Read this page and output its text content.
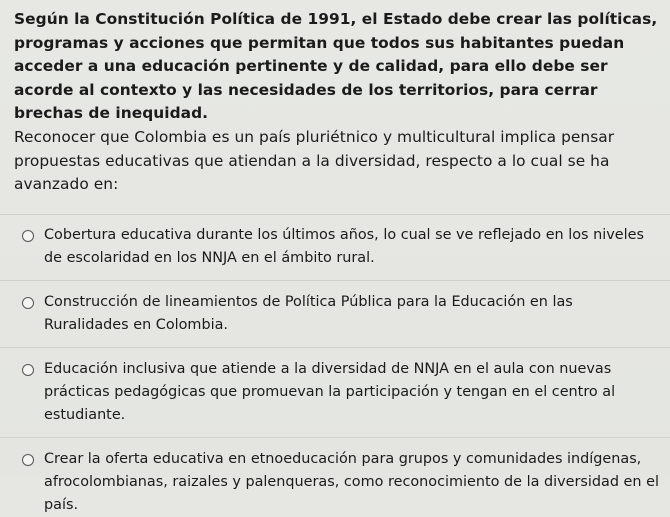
Según la Constitución Política de 1991, el Estado debe crear las políticas, programas y acciones que permitan que todos sus habitantes puedan acceder a una educación pertinente y de calidad, para ello debe ser acorde al contexto y las necesidades de los territorios, para cerrar brechas de inequidad.

Reconocer que Colombia es un país pluriétnico y multicultural implica pensar propuestas educativas que atiendan a la diversidad, respecto a lo cual se ha avanzado en:

Cobertura educativa durante los últimos años, lo cual se ve reflejado en los niveles de escolaridad en los NNJA en el ámbito rural.
Construcción de lineamientos de Política Pública para la Educación en las Ruralidades en Colombia.
Educación inclusiva que atiende a la diversidad de NNJA en el aula con nuevas prácticas pedagógicas que promuevan la participación y tengan en el centro al estudiante.
Crear la oferta educativa en etnoeducación para grupos y comunidades indígenas, afrocolombianas, raizales y palenqueras, como reconocimiento de la diversidad en el país.
